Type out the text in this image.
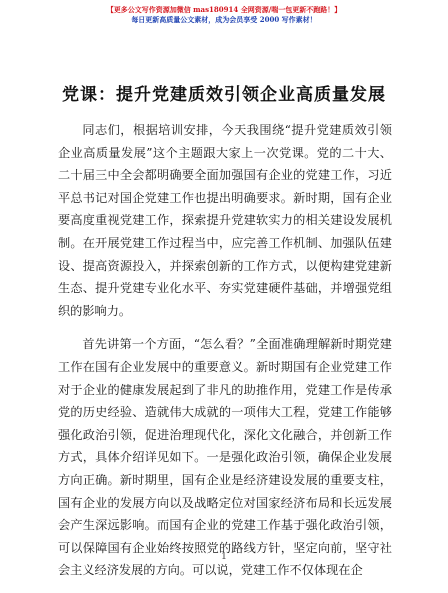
【更多公文写作资源加微信 mas180914 全网资源/喘一包更新不跑路！】
每日更新高质量公文素材，成为会员享受 2000 写作素材！
党课：提升党建质效引领企业高质量发展

同志们，根据培训安排，今天我围绕“提升党建质效引领企业高质量发展”这个主题跟大家上一次党课。党的二十大、二十届三中全会都明确要全面加强国有企业的党建工作，习近平总书记对国企党建工作也提出明确要求。新时期，国有企业要高度重视党建工作，探索提升党建软实力的相关建设发展机制。在开展党建工作过程当中，应完善工作机制、加强队伍建设、提高资源投入，并探索创新的工作方式，以便构建党建新生态、提升党建专业化水平、夯实党建硬件基础，并增强党组织的影响力。

首先讲第一个方面，“怎么看？”全面准确理解新时期党建工作在国有企业发展中的重要意义。新时期国有企业党建工作对于企业的健康发展起到了非凡的助推作用，党建工作是传承党的历史经验、造就伟大成就的一项伟大工程，党建工作能够强化政治引领，促进治理现代化，深化文化融合，并创新工作方式，具体介绍详见如下。一是强化政治引领，确保企业发展方向正确。新时期里，国有企业是经济建设发展的重要支柱，国有企业的发展方向以及战略定位对国家经济布局和长远发展会产生深远影响。而国有企业的党建工作基于强化政治引领，可以保障国有企业始终按照党的路线方针，坚定向前，坚守社会主义经济发展的方向。可以说，党建工作不仅体现在企

1
